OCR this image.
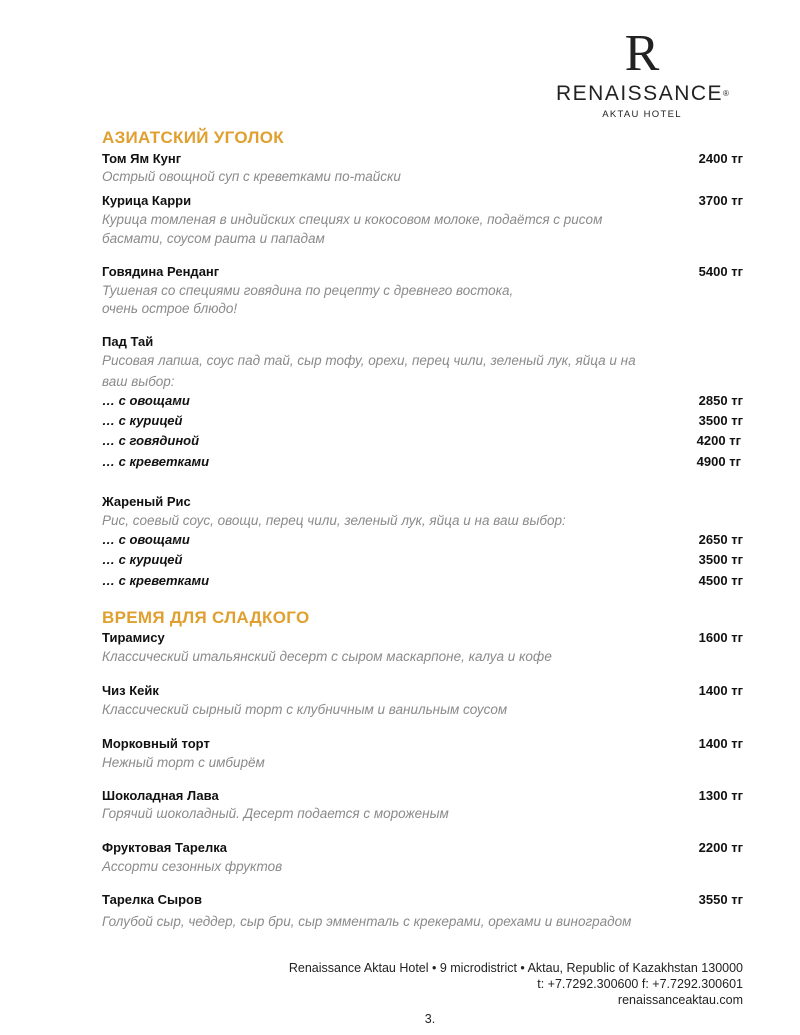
R
RENAISSANCE®
AKTAU HOTEL
АЗИАТСКИЙ УГОЛОК
Том Ям Кунг	2400 тг
Острый овощной суп с креветками по-тайски
Курица Карри	3700 тг
Курица томленая в индийских специях и кокосовом молоке, подаётся с рисом
басмати, соусом раита и пападам
Говядина Ренданг	5400 тг
Тушеная со специями говядина по рецепту с древнего востока,
очень острое блюдо!
Пад Тай
Рисовая лапша, соус пад тай, сыр тофу, орехи, перец чили, зеленый лук, яйца и на
ваш выбор:
… с овощами	2850 тг
… с курицей	3500 тг
… с говядиной	4200 тг
… с креветками	4900 тг
Жареный Рис
Рис, соевый соус, овощи, перец чили, зеленый лук, яйца и на ваш выбор:
… с овощами	2650 тг
… с курицей	3500 тг
… с креветками	4500 тг
ВРЕМЯ ДЛЯ СЛАДКОГО
Тирамису	1600 тг
Классический итальянский десерт с сыром маскарпоне, калуа и кофе
Чиз Кейк	1400 тг
Классический сырный торт с клубничным и ванильным соусом
Морковный торт	1400 тг
Нежный торт с имбирём
Шоколадная Лава	1300 тг
Горячий шоколадный. Десерт подается с мороженым
Фруктовая Тарелка	2200 тг
Ассорти сезонных фруктов
Тарелка Сыров	3550 тг
Голубой сыр, чеддер, сыр бри, сыр эмменталь с крекерами, орехами и виноградом
Renaissance Aktau Hotel • 9 microdistrict • Aktau, Republic of Kazakhstan 130000
t: +7.7292.300600 f: +7.7292.300601
renaissanceaktau.com
3.
